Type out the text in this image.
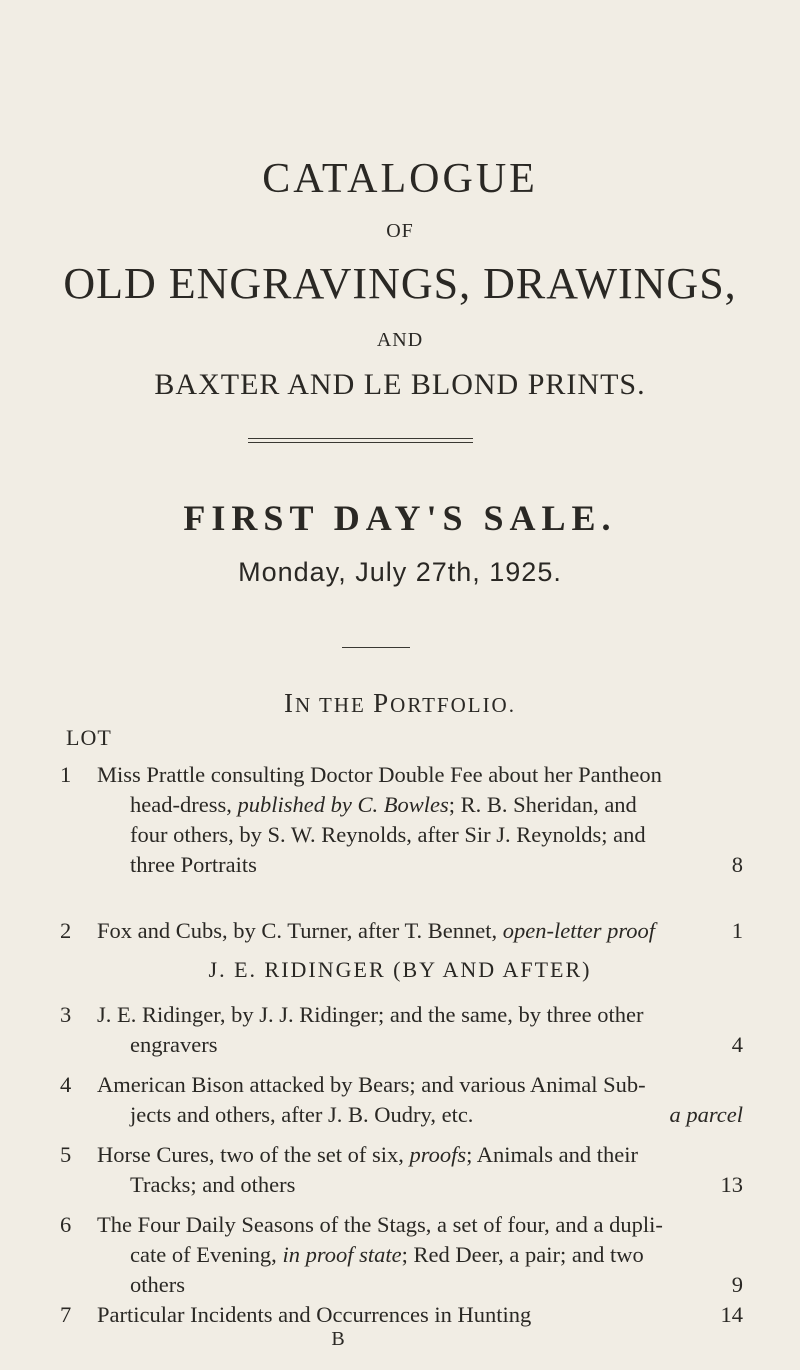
CATALOGUE
OF
OLD ENGRAVINGS, DRAWINGS,
AND
BAXTER AND LE BLOND PRINTS.
FIRST DAY'S SALE.
Monday, July 27th, 1925.
IN THE PORTFOLIO.
LOT
1	Miss Prattle consulting Doctor Double Fee about her Pantheon
head-dress, published by C. Bowles; R. B. Sheridan, and
four others, by S. W. Reynolds, after Sir J. Reynolds; and
three Portraits	8
2	Fox and Cubs, by C. Turner, after T. Bennet, open-letter proof	1
J. E. RIDINGER (BY AND AFTER)
3	J. E. Ridinger, by J. J. Ridinger; and the same, by three other
engravers	4
4	American Bison attacked by Bears; and various Animal Sub-
jects and others, after J. B. Oudry, etc.	a parcel
5	Horse Cures, two of the set of six, proofs; Animals and their
Tracks; and others	13
6	The Four Daily Seasons of the Stags, a set of four, and a dupli-
cate of Evening, in proof state; Red Deer, a pair; and two
others	9
7	Particular Incidents and Occurrences in Hunting	14
B
